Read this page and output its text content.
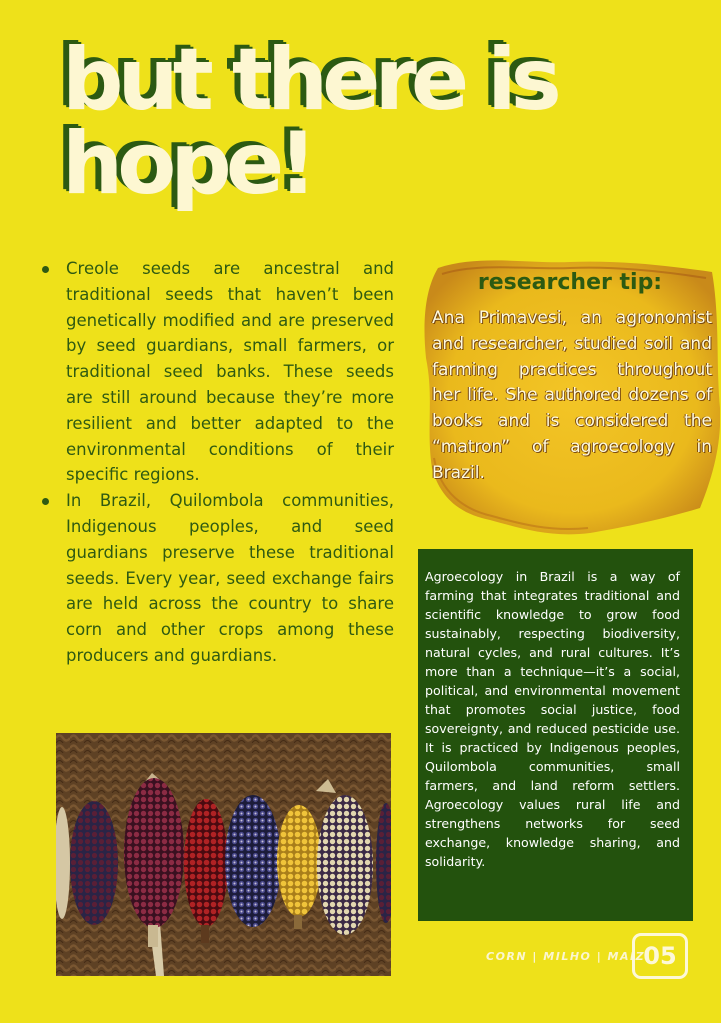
but there is
hope!
Creole seeds are ancestral and traditional seeds that haven’t been genetically modified and are preserved by seed guardians, small farmers, or traditional seed banks. These seeds are still around because they’re more resilient and better adapted to the environmental conditions of their specific regions.
In Brazil, Quilombola communities, Indigenous peoples, and seed guardians preserve these traditional seeds. Every year, seed exchange fairs are held across the country to share corn and other crops among these producers and guardians.

researcher tip:

Ana Primavesi, an agronomist and researcher, studied soil and farming practices throughout her life. She authored dozens of books and is considered the “matron” of agroecology in Brazil.

Agroecology in Brazil is a way of farming that integrates traditional and scientific knowledge to grow food sustainably, respecting biodiversity, natural cycles, and rural cultures. It’s more than a technique—it’s a social, political, and environmental movement that promotes social justice, food sovereignty, and reduced pesticide use. It is practiced by Indigenous peoples, Quilombola communities, small farmers, and land reform settlers. Agroecology values rural life and strengthens networks for seed exchange, knowledge sharing, and solidarity.

CORN | MILHO | MAIZ
05
